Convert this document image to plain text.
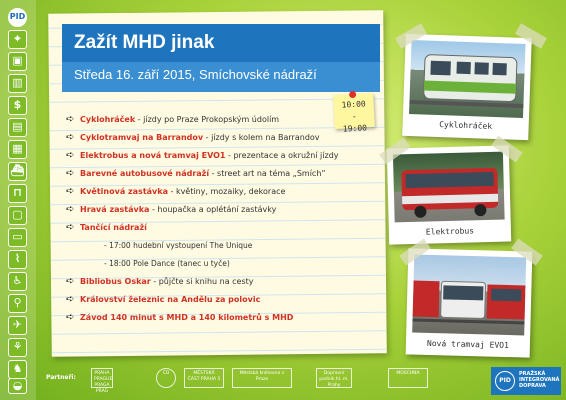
PID
⌖
▣
▥
$
▤
▦
⛴
⊓
▢
▭
⌇
♿
⚲
✈
⚘
♞
◒
Zažít MHD jinak
Středa 16. září 2015, Smíchovské nádraží
10:00
-
19:00
➪ Cyklohráček - jízdy po Praze Prokopským údolím
➪ Cyklotramvaj na Barrandov - jízdy s kolem na Barrandov
➪ Elektrobus a nová tramvaj EVO1 - prezentace a okružní jízdy
➪ Barevné autobusové nádraží - street art na téma „Smíchˮ
➪ Květinová zastávka - květiny, mozaiky, dekorace
➪ Hravá zastávka - houpačka a oplétání zastávky
➪ Tančící nádraží
- 17:00 hudební vystoupení The Unique
- 18:00 Pole Dance (tanec u tyče)
➪ Bibliobus Oskar - půjčte si knihu na cesty
➪ Království železnic na Andělu za polovic
➪ Závod 140 minut s MHD a 140 kilometrů s MHD
Cyklohráček
Elektrobus
Nová tramvaj EVO1
Partneři:
PRAHA PRAGUE PRAGA PRAG
ČD	MĚSTSKÁ ČÁST PRAHA 5
Městská knihovna v Praze
Dopravní podnik hl. m. Prahy
MOSCHNA
PID
PRAŽSKÁ INTEGROVANÁ DOPRAVA
